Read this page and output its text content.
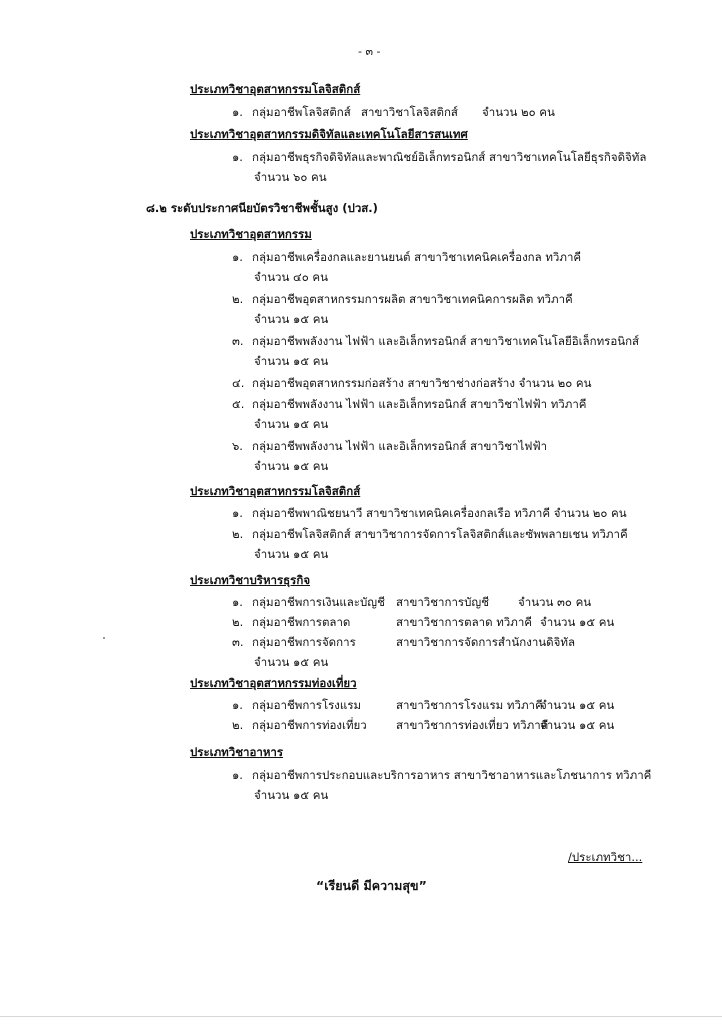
- ๓ -
ประเภทวิชาอุตสาหกรรมโลจิสติกส์
๑. กลุ่มอาชีพโลจิสติกส์ สาขาวิชาโลจิสติกส์ จำนวน ๒๐ คน
ประเภทวิชาอุตสาหกรรมดิจิทัลและเทคโนโลยีสารสนเทศ
๑. กลุ่มอาชีพธุรกิจดิจิทัลและพาณิชย์อิเล็กทรอนิกส์ สาขาวิชาเทคโนโลยีธุรกิจดิจิทัล
จำนวน ๖๐ คน
๘.๒ ระดับประกาศนียบัตรวิชาชีพชั้นสูง (ปวส.)
ประเภทวิชาอุตสาหกรรม
๑. กลุ่มอาชีพเครื่องกลและยานยนต์ สาขาวิชาเทคนิคเครื่องกล ทวิภาคี
จำนวน ๔๐ คน
๒. กลุ่มอาชีพอุตสาหกรรมการผลิต สาขาวิชาเทคนิคการผลิต ทวิภาคี
จำนวน ๑๕ คน
๓. กลุ่มอาชีพพลังงาน ไฟฟ้า และอิเล็กทรอนิกส์ สาขาวิชาเทคโนโลยีอิเล็กทรอนิกส์
จำนวน ๑๕ คน
๔. กลุ่มอาชีพอุตสาหกรรมก่อสร้าง สาขาวิชาช่างก่อสร้าง จำนวน ๒๐ คน
๕. กลุ่มอาชีพพลังงาน ไฟฟ้า และอิเล็กทรอนิกส์ สาขาวิชาไฟฟ้า ทวิภาคี
จำนวน ๑๕ คน
๖. กลุ่มอาชีพพลังงาน ไฟฟ้า และอิเล็กทรอนิกส์ สาขาวิชาไฟฟ้า
จำนวน ๑๕ คน
ประเภทวิชาอุตสาหกรรมโลจิสติกส์
๑. กลุ่มอาชีพพาณิชยนาวี สาขาวิชาเทคนิคเครื่องกลเรือ ทวิภาคี จำนวน ๒๐ คน
๒. กลุ่มอาชีพโลจิสติกส์ สาขาวิชาการจัดการโลจิสติกส์และซัพพลายเชน ทวิภาคี
จำนวน ๑๕ คน
ประเภทวิชาบริหารธุรกิจ
๑. กลุ่มอาชีพการเงินและบัญชี สาขาวิชาการบัญชี	จำนวน ๓๐ คน
๒. กลุ่มอาชีพการตลาด	สาขาวิชาการตลาด ทวิภาคี จำนวน ๑๕ คน
๓. กลุ่มอาชีพการจัดการ	สาขาวิชาการจัดการสำนักงานดิจิทัล
จำนวน ๑๕ คน
ประเภทวิชาอุตสาหกรรมท่องเที่ยว
๑. กลุ่มอาชีพการโรงแรม	สาขาวิชาการโรงแรม ทวิภาคี
จำนวน ๑๕ คน
๒. กลุ่มอาชีพการท่องเที่ยว	สาขาวิชาการท่องเที่ยว ทวิภาคี
จำนวน ๑๕ คน
ประเภทวิชาอาหาร
๑. กลุ่มอาชีพการประกอบและบริการอาหาร สาขาวิชาอาหารและโภชนาการ ทวิภาคี
จำนวน ๑๕ คน
/ประเภทวิชา...
“เรียนดี มีความสุข”
